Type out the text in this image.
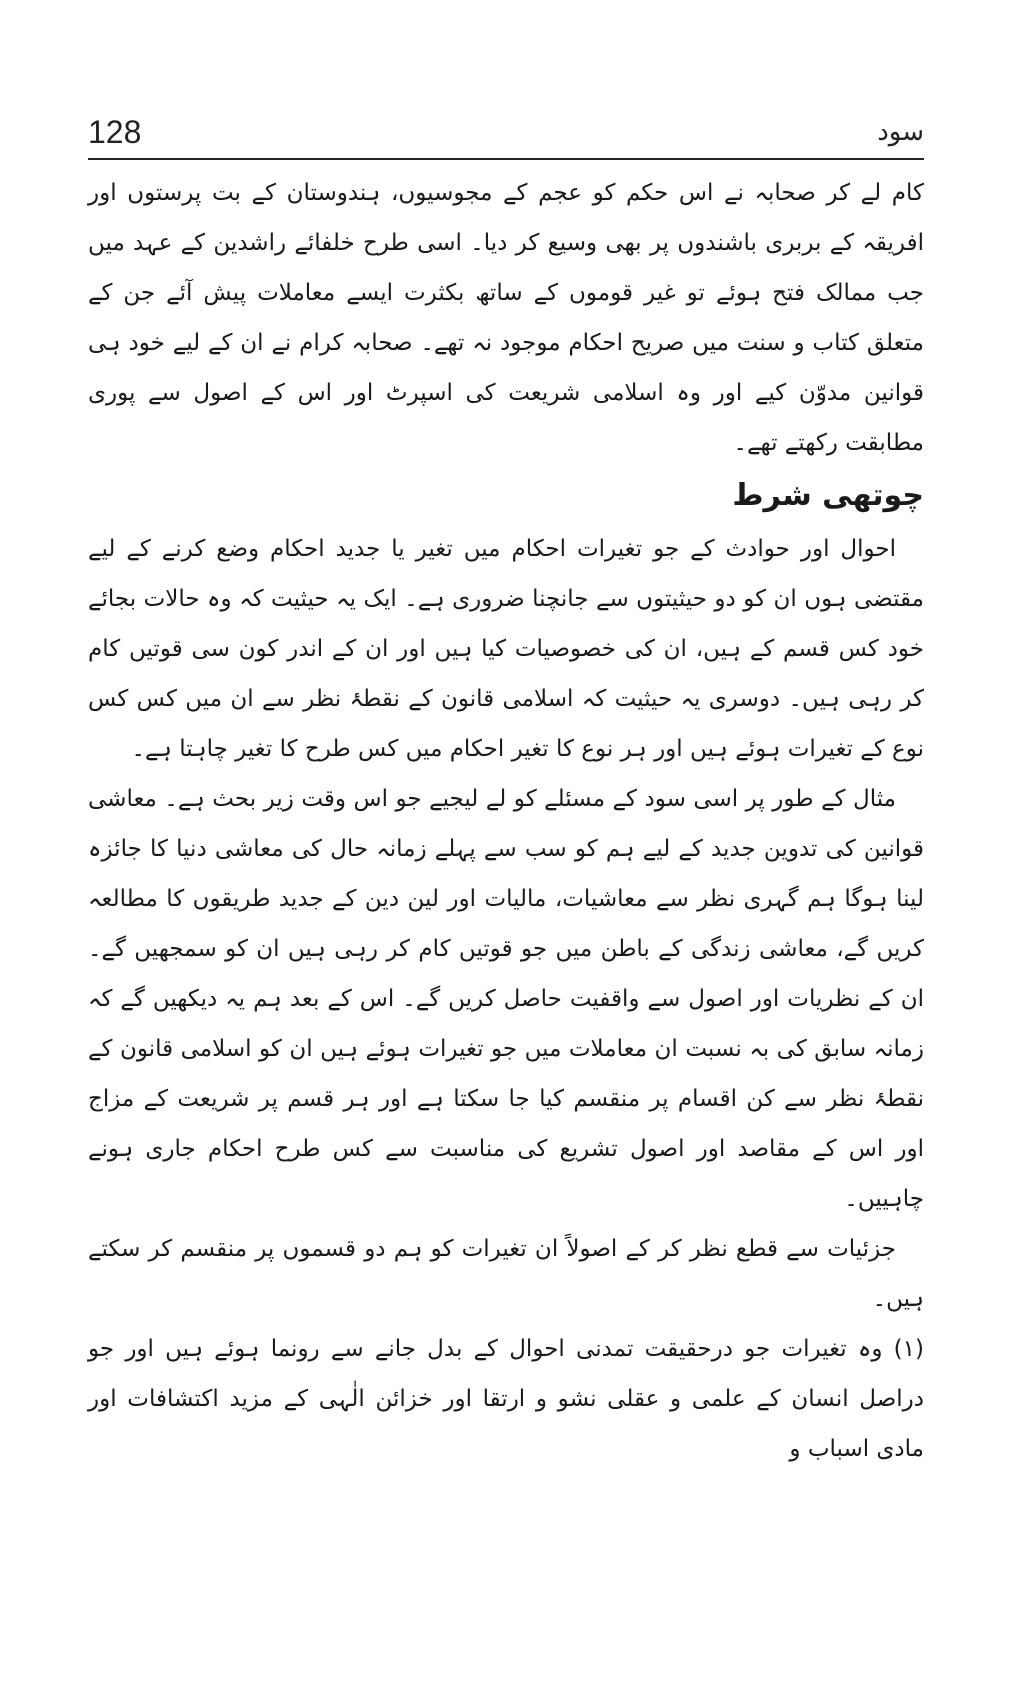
128	سود

کام لے کر صحابہ نے اس حکم کو عجم کے مجوسیوں، ہندوستان کے بت پرستوں اور افریقہ کے بربری باشندوں پر بھی وسیع کر دیا۔ اسی طرح خلفائے راشدین کے عہد میں جب ممالک فتح ہوئے تو غیر قوموں کے ساتھ بکثرت ایسے معاملات پیش آئے جن کے متعلق کتاب و سنت میں صریح احکام موجود نہ تھے۔ صحابہ کرام نے ان کے لیے خود ہی قوانین مدوّن کیے اور وہ اسلامی شریعت کی اسپرٹ اور اس کے اصول سے پوری مطابقت رکھتے تھے۔

چوتھی شرط

احوال اور حوادث کے جو تغیرات احکام میں تغیر یا جدید احکام وضع کرنے کے لیے مقتضی ہوں ان کو دو حیثیتوں سے جانچنا ضروری ہے۔ ایک یہ حیثیت کہ وہ حالات بجائے خود کس قسم کے ہیں، ان کی خصوصیات کیا ہیں اور ان کے اندر کون سی قوتیں کام کر رہی ہیں۔ دوسری یہ حیثیت کہ اسلامی قانون کے نقطۂ نظر سے ان میں کس کس نوع کے تغیرات ہوئے ہیں اور ہر نوع کا تغیر احکام میں کس طرح کا تغیر چاہتا ہے۔

مثال کے طور پر اسی سود کے مسئلے کو لے لیجیے جو اس وقت زیر بحث ہے۔ معاشی قوانین کی تدوین جدید کے لیے ہم کو سب سے پہلے زمانہ حال کی معاشی دنیا کا جائزہ لینا ہوگا ہم گہری نظر سے معاشیات، مالیات اور لین دین کے جدید طریقوں کا مطالعہ کریں گے، معاشی زندگی کے باطن میں جو قوتیں کام کر رہی ہیں ان کو سمجھیں گے۔ ان کے نظریات اور اصول سے واقفیت حاصل کریں گے۔ اس کے بعد ہم یہ دیکھیں گے کہ زمانہ سابق کی بہ نسبت ان معاملات میں جو تغیرات ہوئے ہیں ان کو اسلامی قانون کے نقطۂ نظر سے کن اقسام پر منقسم کیا جا سکتا ہے اور ہر قسم پر شریعت کے مزاج اور اس کے مقاصد اور اصول تشریع کی مناسبت سے کس طرح احکام جاری ہونے چاہییں۔

جزئیات سے قطع نظر کر کے اصولاً ان تغیرات کو ہم دو قسموں پر منقسم کر سکتے ہیں۔

(۱) وہ تغیرات جو درحقیقت تمدنی احوال کے بدل جانے سے رونما ہوئے ہیں اور جو دراصل انسان کے علمی و عقلی نشو و ارتقا اور خزائن الٰہی کے مزید اکتشافات اور مادی اسباب و
